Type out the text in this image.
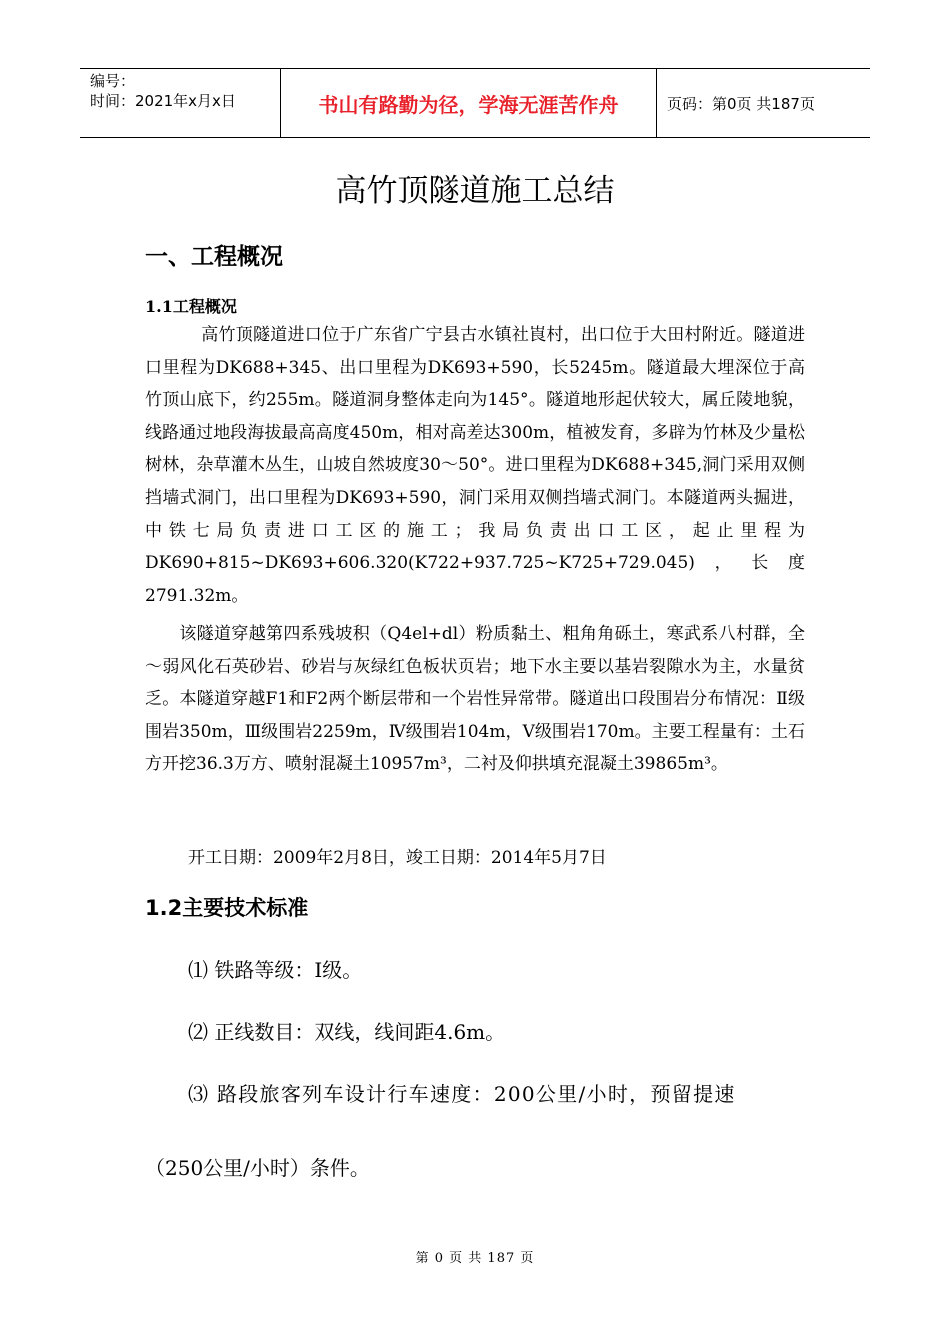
编号：
时间：2021年x月x日	书山有路勤为径，学海无涯苦作舟	页码：第0页 共187页
高竹顶隧道施工总结
一、工程概况
1.1工程概况
高竹顶隧道进口位于广东省广宁县古水镇社崀村，出口位于大田村附近。隧道进口里程为DK688+345、出口里程为DK693+590，长5245m。隧道最大埋深位于高竹顶山底下，约255m。隧道洞身整体走向为145°。隧道地形起伏较大，属丘陵地貌，线路通过地段海拔最高高度450m，相对高差达300m，植被发育，多辟为竹林及少量松树林，杂草灌木丛生，山坡自然坡度30～50°。进口里程为DK688+345,洞门采用双侧挡墙式洞门，出口里程为DK693+590，洞门采用双侧挡墙式洞门。本隧道两头掘进，中铁七局负责进口工区的施工；我局负责出口工区，起止里程为DK690+815~DK693+606.320(K722+937.725~K725+729.045)，长度2791.32m。
该隧道穿越第四系残坡积（Q4el+dl）粉质黏土、粗角角砾土，寒武系八村群，全～弱风化石英砂岩、砂岩与灰绿红色板状页岩；地下水主要以基岩裂隙水为主，水量贫乏。本隧道穿越F1和F2两个断层带和一个岩性异常带。隧道出口段围岩分布情况：Ⅱ级围岩350m，Ⅲ级围岩2259m，Ⅳ级围岩104m，Ⅴ级围岩170m。主要工程量有：土石方开挖36.3万方、喷射混凝土10957m³，二衬及仰拱填充混凝土39865m³。
开工日期：2009年2月8日，竣工日期：2014年5月7日
1.2主要技术标准
⑴ 铁路等级：Ⅰ级。
⑵ 正线数目：双线，线间距4.6m。
⑶ 路段旅客列车设计行车速度：200公里/小时，预留提速
（250公里/小时）条件。
第 0 页 共 187 页
